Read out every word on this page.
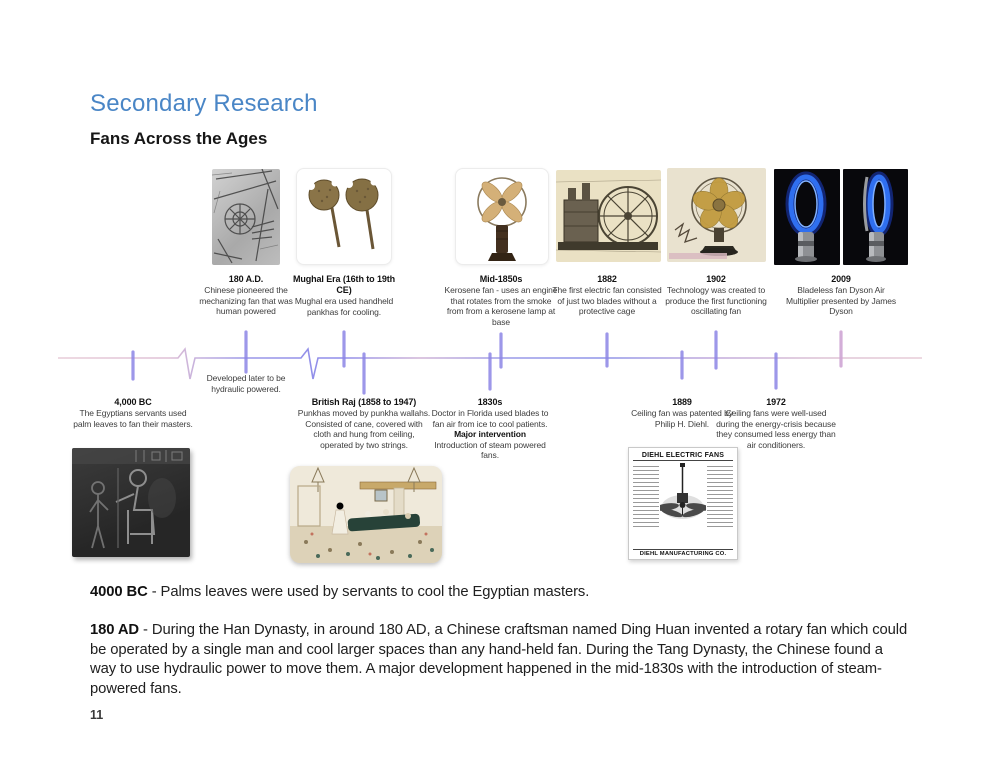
Secondary Research
Fans Across the Ages
180 A.D.
Chinese pioneered the mechanizing fan that was human powered
Mughal Era (16th to 19th CE)
Mughal era used handheld pankhas for cooling.
Mid-1850s
Kerosene fan - uses an engine that rotates from the smoke from from a kerosene lamp at base
1882
The first electric fan consisted of just two blades without a protective cage
1902
Technology was created to produce the first functioning oscillating fan
2009
Bladeless fan Dyson Air Multiplier presented by James Dyson
4,000 BC
The Egyptians servants used palm leaves to fan their masters.
Developed later to be hydraulic powered.
British Raj (1858 to 1947)
Punkhas moved by punkha wallahs. Consisted of cane, covered with cloth and hung from ceiling, operated by two strings.
1830s
Doctor in Florida used blades to fan air from ice to cool patients.
Major intervention
Introduction of steam powered fans.
1889
Ceiling fan was patented by Philip H. Diehl.
1972
Ceiling fans were well-used during the energy-crisis because they consumed less energy than air conditioners.
DIEHL ELECTRIC FANS
DIEHL MANUFACTURING CO.
4000 BC - Palms leaves were used by servants to cool the Egyptian masters.
180 AD - During the Han Dynasty, in around 180 AD, a Chinese craftsman named Ding Huan invented a rotary fan which could be operated by a single man and cool larger spaces than any hand-held fan. During the Tang Dynasty, the Chinese found a way to use hydraulic power to move them. A major development happened in the mid-1830s with the introduction of steam-powered fans.
11
